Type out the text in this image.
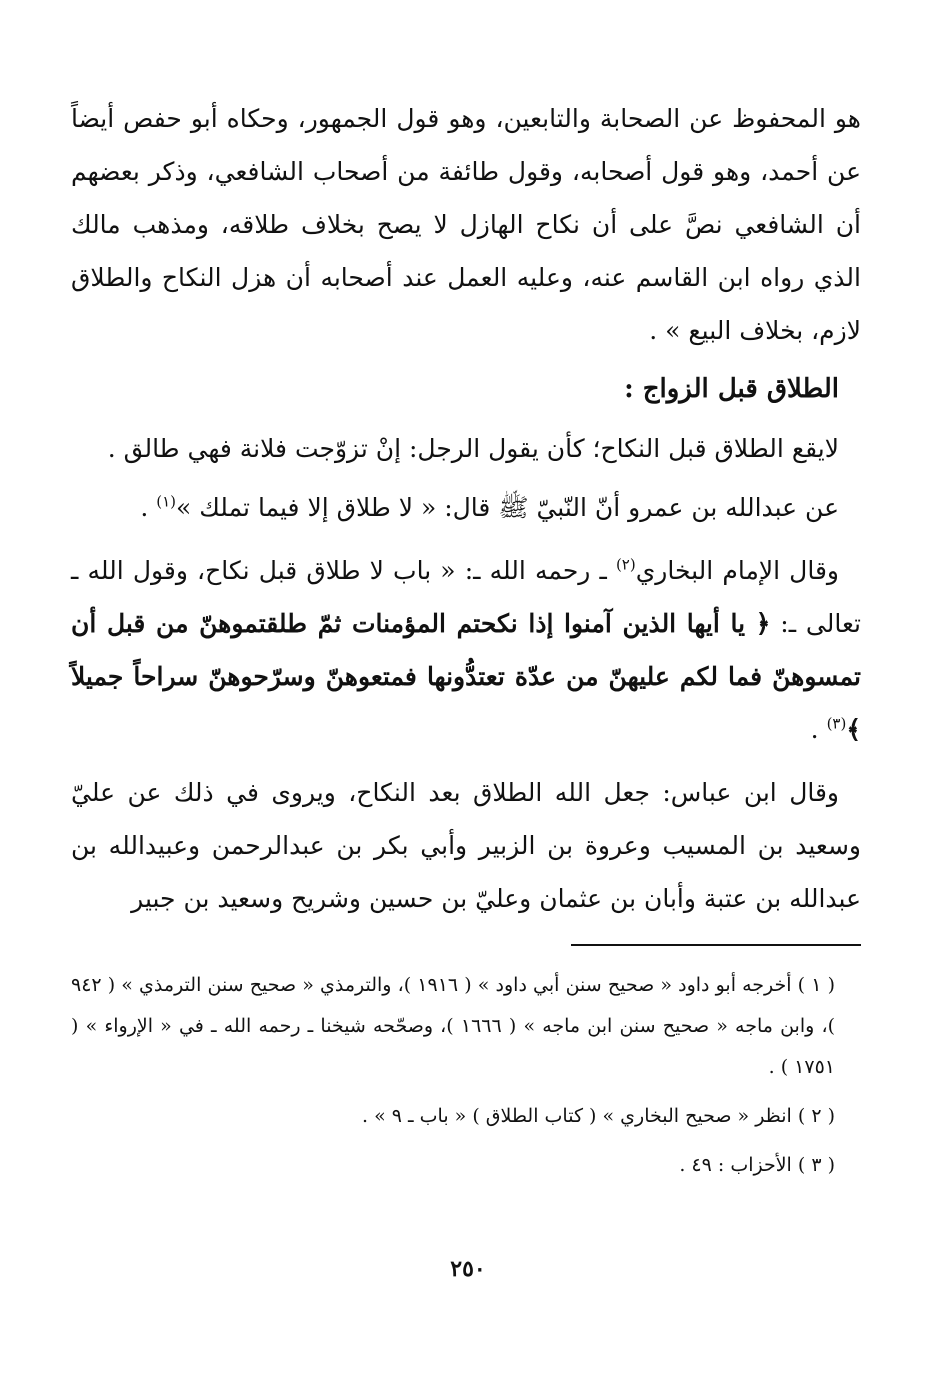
هو المحفوظ عن الصحابة والتابعين، وهو قول الجمهور، وحكاه أبو حفص أيضاً عن أحمد، وهو قول أصحابه، وقول طائفة من أصحاب الشافعي، وذكر بعضهم أن الشافعي نصَّ على أن نكاح الهازل لا يصح بخلاف طلاقه، ومذهب مالك الذي رواه ابن القاسم عنه، وعليه العمل عند أصحابه أن هزل النكاح والطلاق لازم، بخلاف البيع » .

الطلاق قبل الزواج :

لايقع الطلاق قبل النكاح؛ كأن يقول الرجل: إنْ تزوّجت فلانة فهي طالق .

عن عبدالله بن عمرو أنّ النّبيّ ﷺ قال: « لا طلاق إلا فيما تملك »$^{(١)}$ .

وقال الإمام البخاري$^{(٢)}$ ـ رحمه الله ـ: « باب لا طلاق قبل نكاح، وقول الله ـ تعالى ـ: ﴿ يا أيها الذين آمنوا إذا نكحتم المؤمنات ثمّ طلقتموهنّ من قبل أن تمسوهنّ فما لكم عليهنّ من عدّة تعتدُّونها فمتعوهنّ وسرّحوهنّ سراحاً جميلاً ﴾$^{(٣)}$ .

وقال ابن عباس: جعل الله الطلاق بعد النكاح، ويروى في ذلك عن عليّ وسعيد بن المسيب وعروة بن الزبير وأبي بكر بن عبدالرحمن وعبيدالله بن عبدالله بن عتبة وأبان بن عثمان وعليّ بن حسين وشريح وسعيد بن جبير

( ١ ) أخرجه أبو داود « صحيح سنن أبي داود » ( ١٩١٦ )، والترمذي « صحيح سنن الترمذي » ( ٩٤٢ )، وابن ماجه « صحيح سنن ابن ماجه » ( ١٦٦٦ )، وصحّحه شيخنا ـ رحمه الله ـ في « الإرواء » ( ١٧٥١ ) .

( ٢ ) انظر « صحيح البخاري » ( كتاب الطلاق ) « باب ـ ٩ » .

( ٣ ) الأحزاب : ٤٩ .

٢٥٠
